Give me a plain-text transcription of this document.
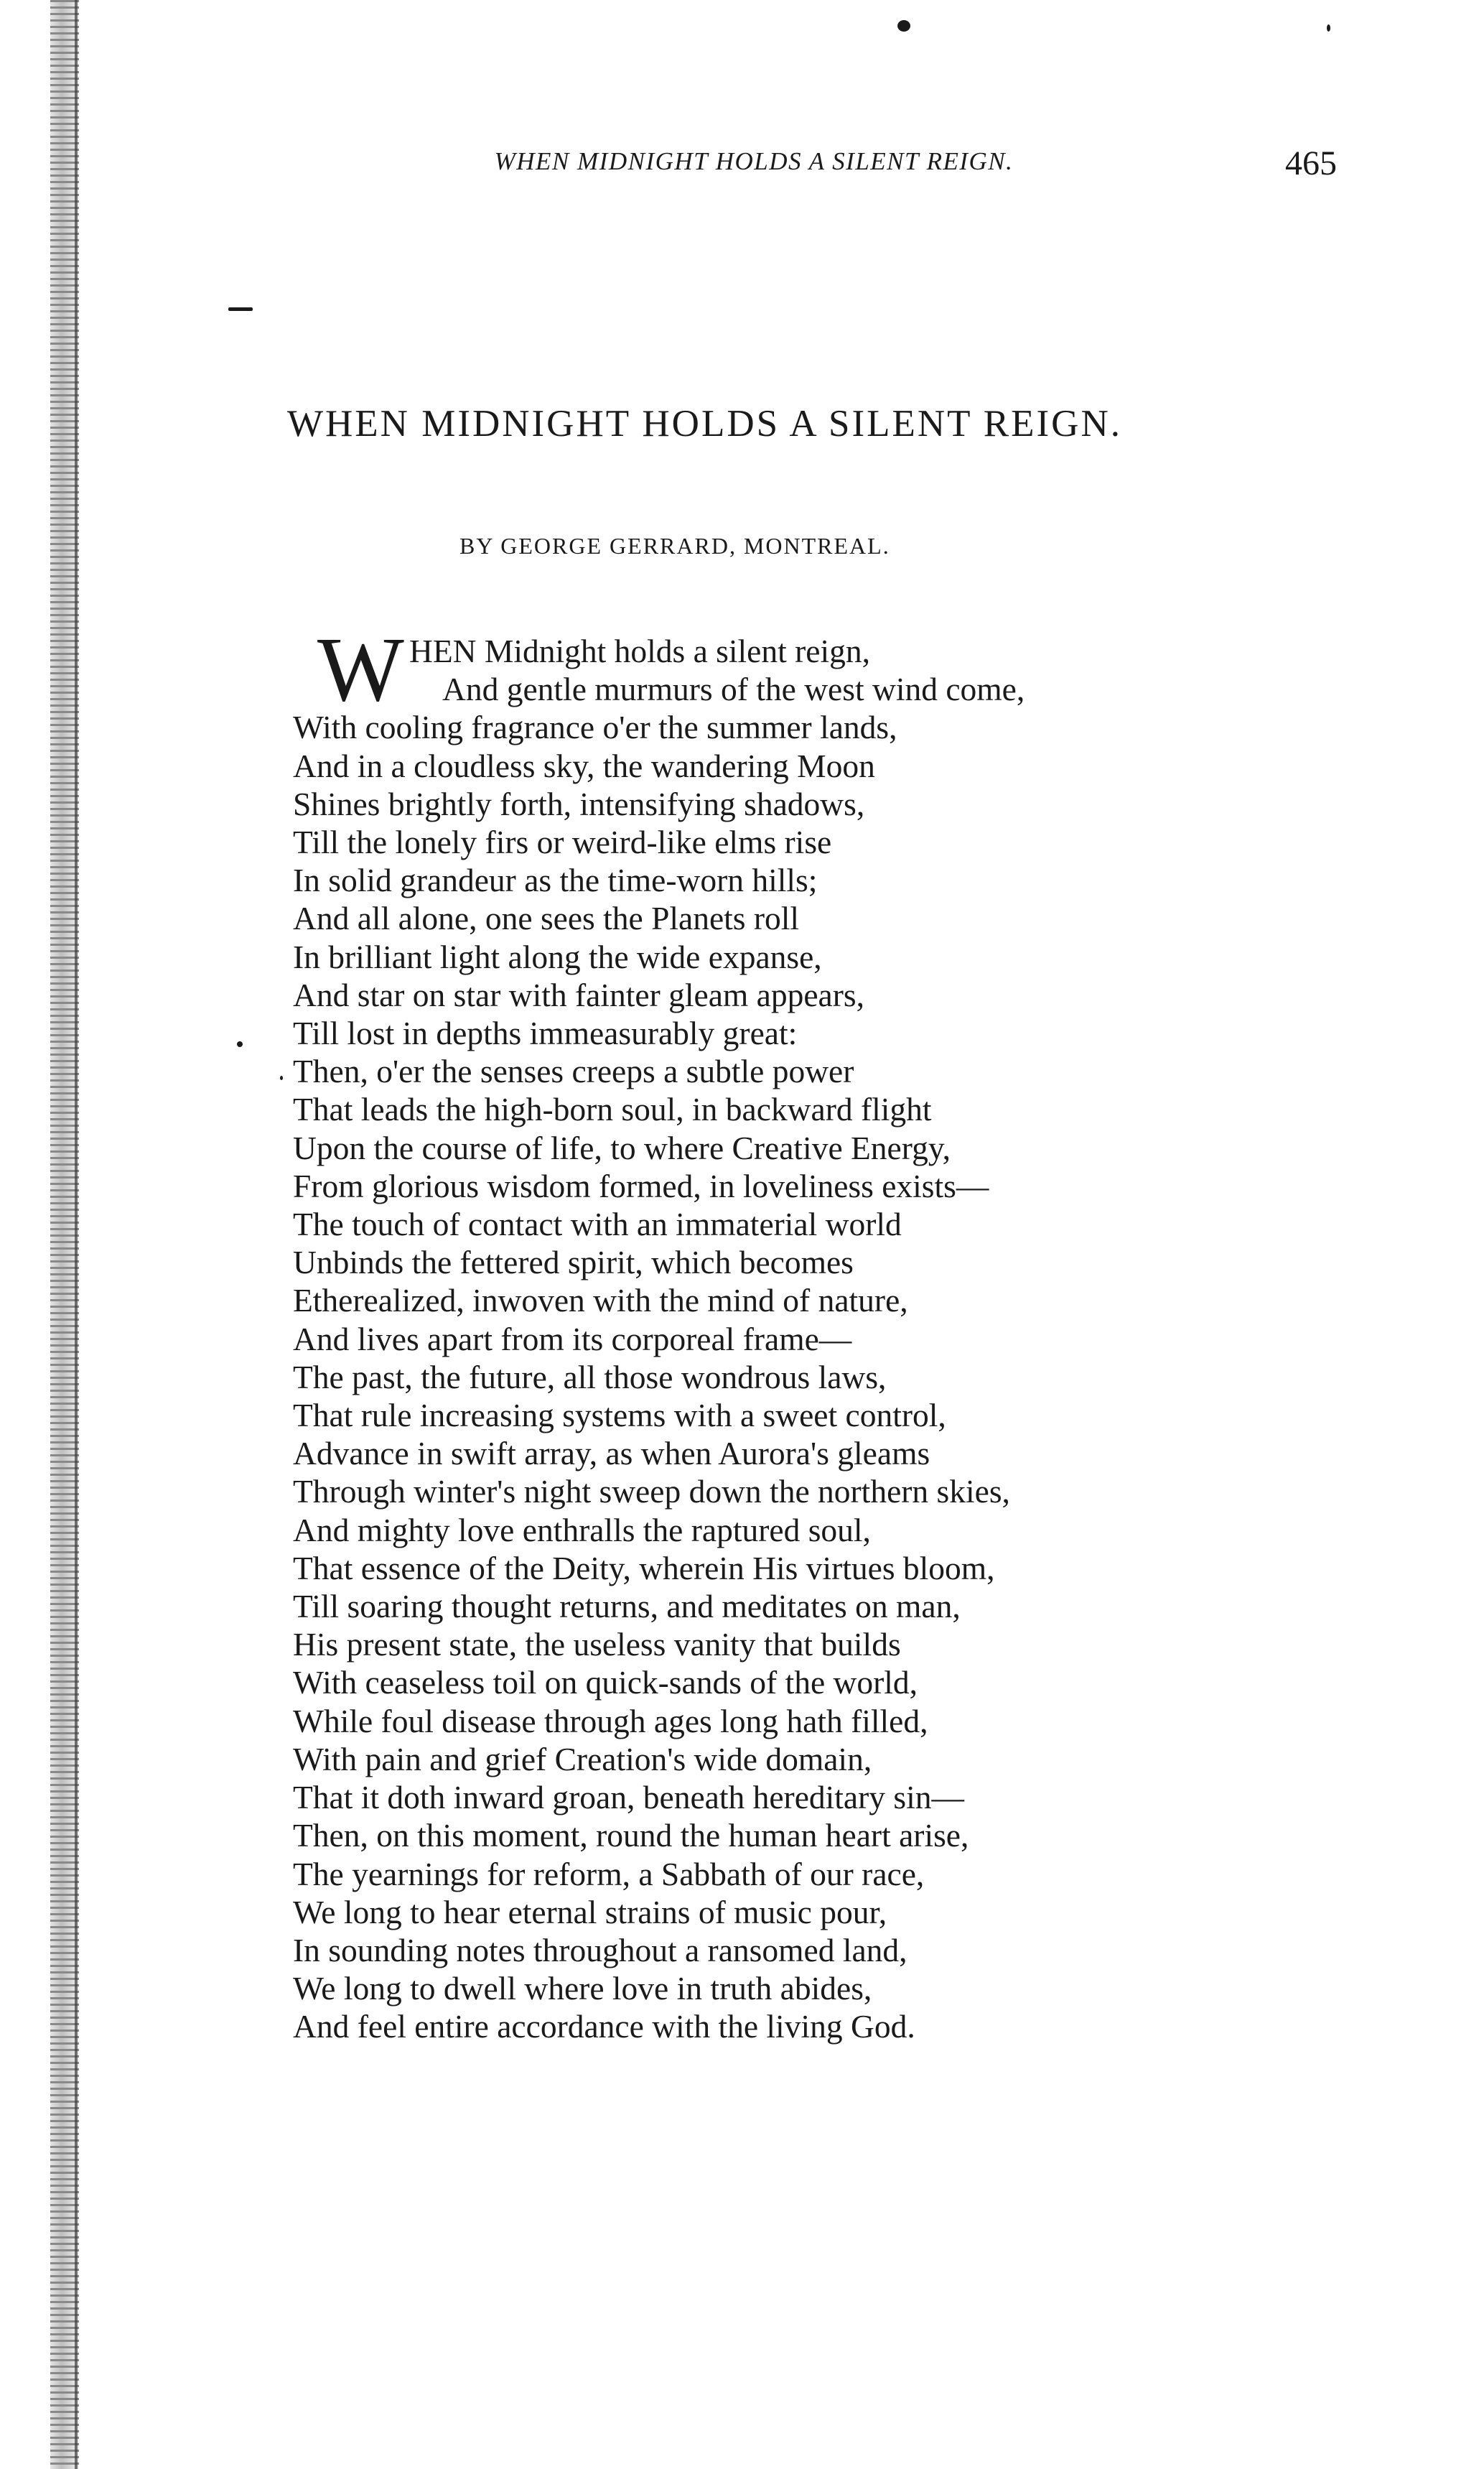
WHEN MIDNIGHT HOLDS A SILENT REIGN.	465
WHEN MIDNIGHT HOLDS A SILENT REIGN.
BY GEORGE GERRARD, MONTREAL.
W HEN Midnight holds a silent reign,
And gentle murmurs of the west wind come,
With cooling fragrance o'er the summer lands,
And in a cloudless sky, the wandering Moon
Shines brightly forth, intensifying shadows,
Till the lonely firs or weird-like elms rise
In solid grandeur as the time-worn hills;
And all alone, one sees the Planets roll
In brilliant light along the wide expanse,
And star on star with fainter gleam appears,
Till lost in depths immeasurably great:
Then, o'er the senses creeps a subtle power
That leads the high-born soul, in backward flight
Upon the course of life, to where Creative Energy,
From glorious wisdom formed, in loveliness exists—
The touch of contact with an immaterial world
Unbinds the fettered spirit, which becomes
Etherealized, inwoven with the mind of nature,
And lives apart from its corporeal frame—
The past, the future, all those wondrous laws,
That rule increasing systems with a sweet control,
Advance in swift array, as when Aurora's gleams
Through winter's night sweep down the northern skies,
And mighty love enthralls the raptured soul,
That essence of the Deity, wherein His virtues bloom,
Till soaring thought returns, and meditates on man,
His present state, the useless vanity that builds
With ceaseless toil on quick-sands of the world,
While foul disease through ages long hath filled,
With pain and grief Creation's wide domain,
That it doth inward groan, beneath hereditary sin—
Then, on this moment, round the human heart arise,
The yearnings for reform, a Sabbath of our race,
We long to hear eternal strains of music pour,
In sounding notes throughout a ransomed land,
We long to dwell where love in truth abides,
And feel entire accordance with the living God.
